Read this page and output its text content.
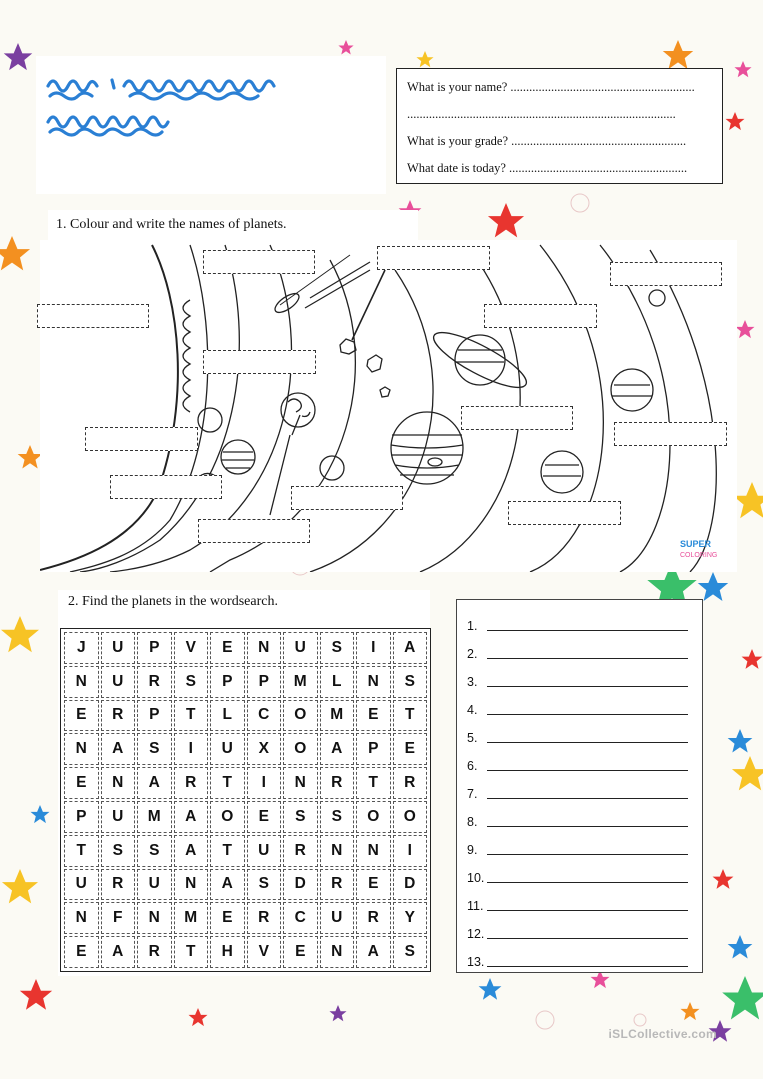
What is your name? ...........................................................
......................................................................................
What is your grade? ........................................................
What date is today? .........................................................
1. Colour and write the names of planets.
SUPER
COLORING
2. Find the planets in the wordsearch.
J	U	P	V	E	N	U	S	I	A
N	U	R	S	P	P	M	L	N	S
E	R	P	T	L	C	O	M	E	T
N	A	S	I	U	X	O	A	P	E
E	N	A	R	T	I	N	R	T	R
P	U	M	A	O	E	S	S	O	O
T	S	S	A	T	U	R	N	N	I
U	R	U	N	A	S	D	R	E	D
N	F	N	M	E	R	C	U	R	Y
E	A	R	T	H	V	E	N	A	S
1.
2.
3.
4.
5.
6.
7.
8.
9.
10.
11.
12.
13.
iSLCollective.com
